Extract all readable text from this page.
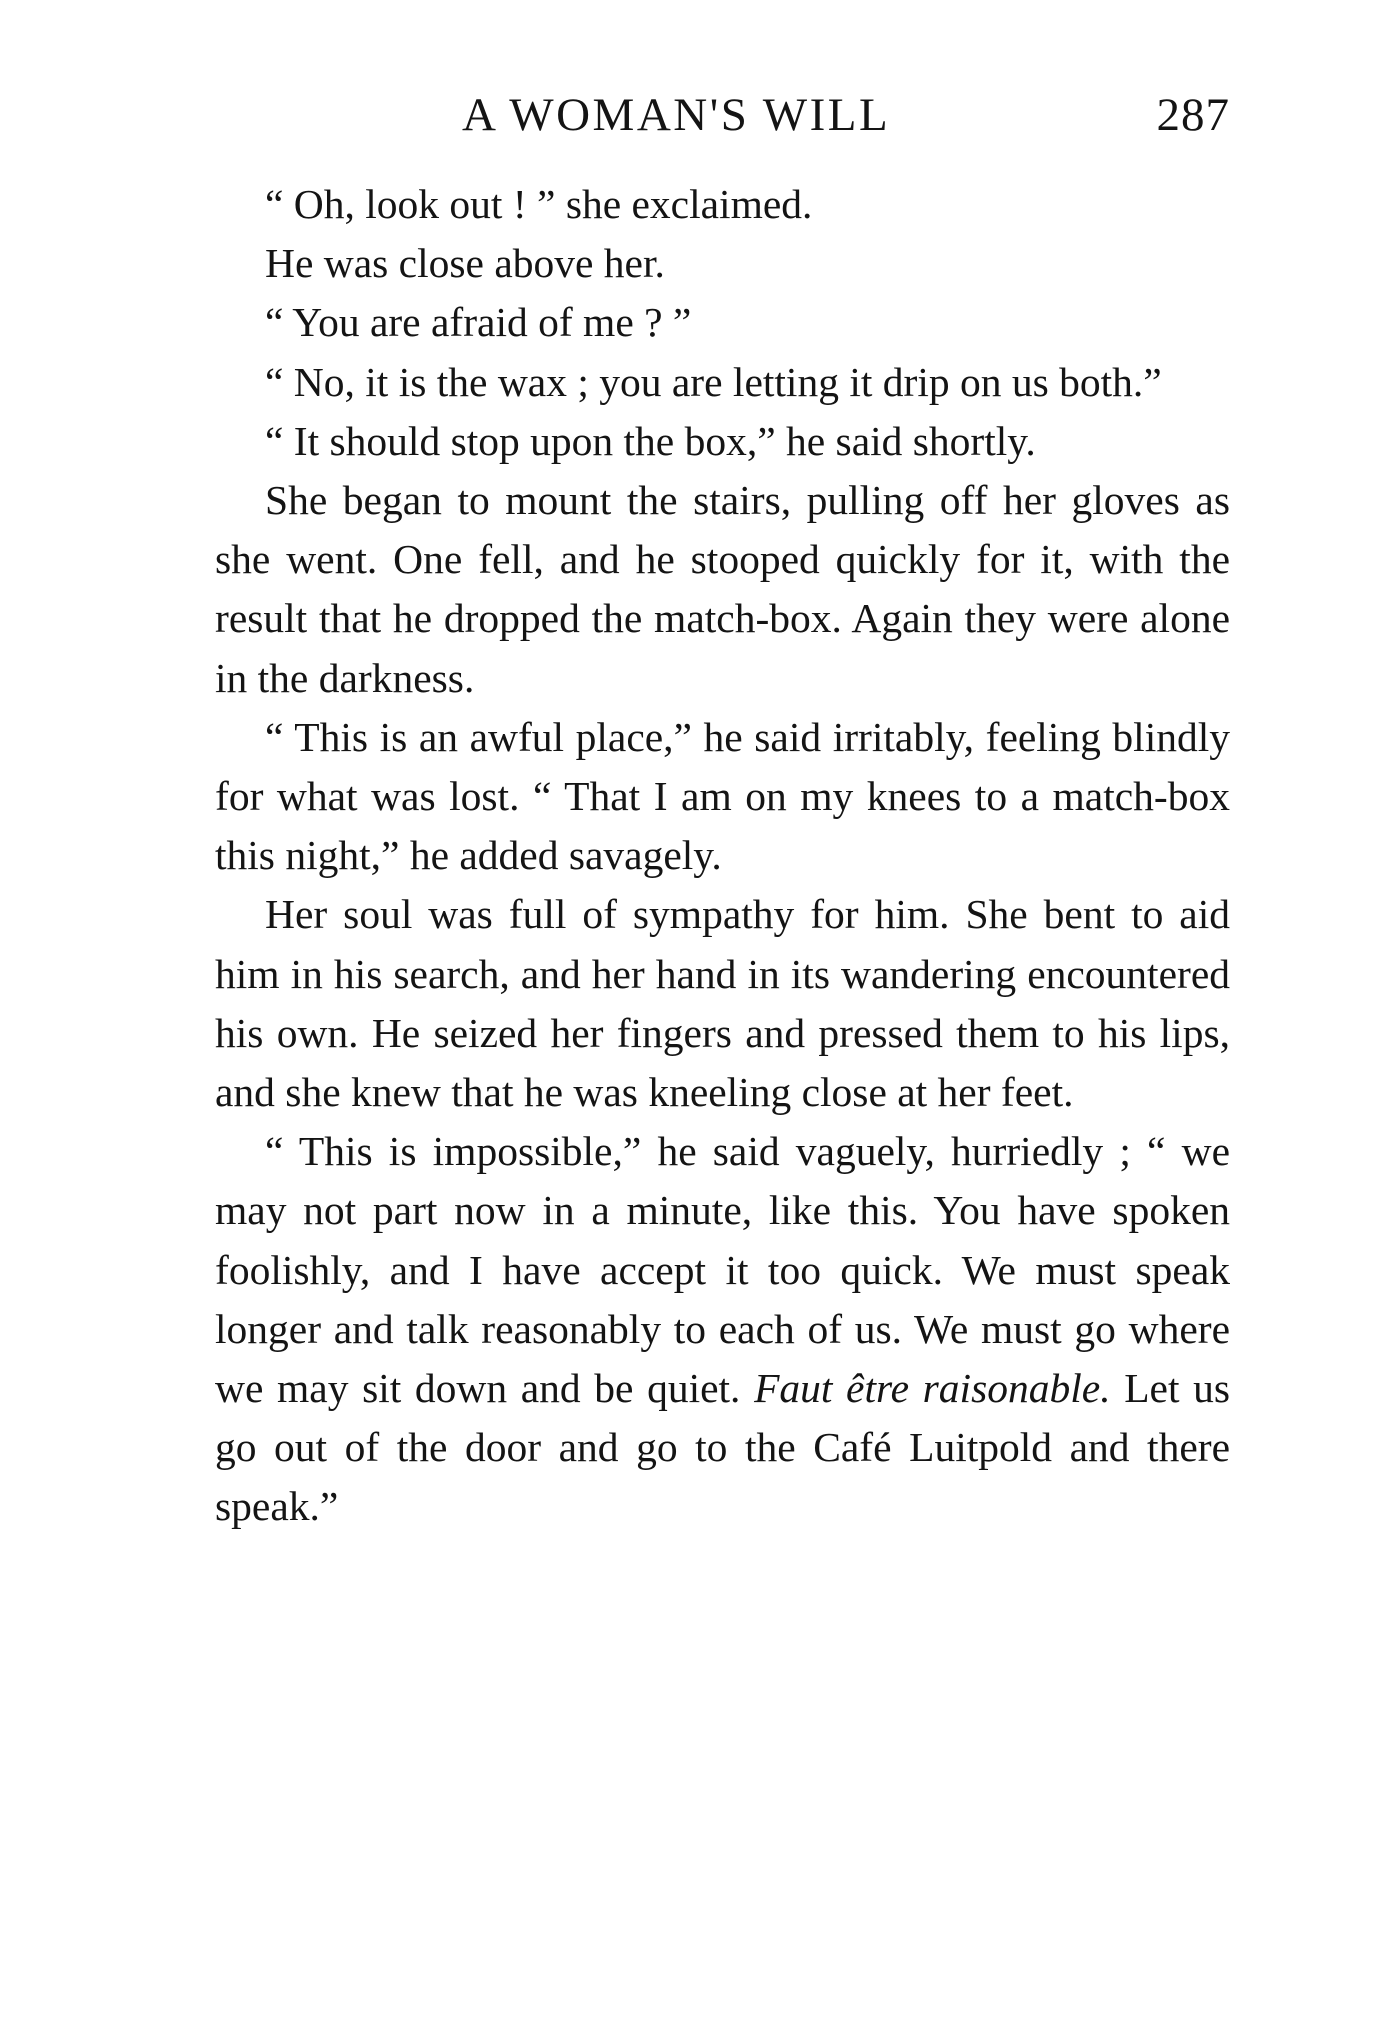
A WOMAN'S WILL	287

“ Oh, look out ! ” she exclaimed.

He was close above her.

“ You are afraid of me ? ”

“ No, it is the wax ; you are letting it drip on us both.”

“ It should stop upon the box,” he said shortly.

She began to mount the stairs, pulling off her gloves as she went. One fell, and he stooped quickly for it, with the result that he dropped the match-box. Again they were alone in the darkness.

“ This is an awful place,” he said irritably, feeling blindly for what was lost. “ That I am on my knees to a match-box this night,” he added savagely.

Her soul was full of sympathy for him. She bent to aid him in his search, and her hand in its wandering encountered his own. He seized her fingers and pressed them to his lips, and she knew that he was kneeling close at her feet.

“ This is impossible,” he said vaguely, hurriedly ; “ we may not part now in a minute, like this. You have spoken foolishly, and I have accept it too quick. We must speak longer and talk reasonably to each of us. We must go where we may sit down and be quiet. Faut être raisonable. Let us go out of the door and go to the Café Luitpold and there speak.”
